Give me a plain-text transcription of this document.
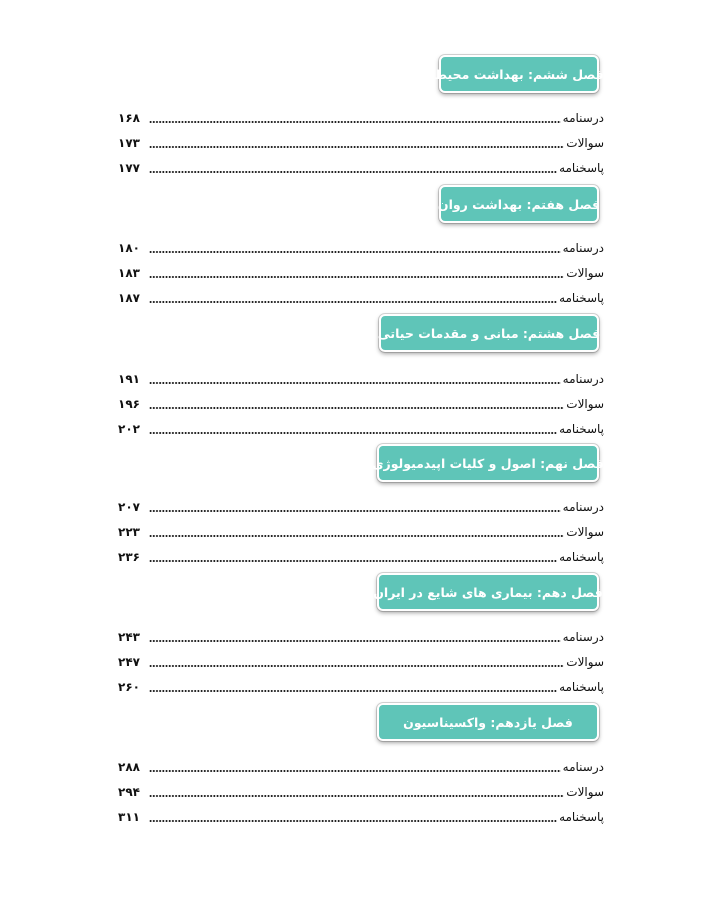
فصل ششم: بهداشت محیط
درسنامه
۱۶۸
سوالات
۱۷۳
پاسخنامه
۱۷۷
فصل هفتم: بهداشت روان
درسنامه
۱۸۰
سوالات
۱۸۳
پاسخنامه
۱۸۷
فصل هشتم: مبانی و مقدمات حیاتی
درسنامه
۱۹۱
سوالات
۱۹۶
پاسخنامه
۲۰۲
فصل نهم: اصول و کلیات اپیدمیولوژی
درسنامه
۲۰۷
سوالات
۲۲۳
پاسخنامه
۲۳۶
فصل دهم: بیماری های شایع در ایران
درسنامه
۲۴۳
سوالات
۲۴۷
پاسخنامه
۲۶۰
فصل یازدهم: واکسیناسیون
درسنامه
۲۸۸
سوالات
۲۹۴
پاسخنامه
۳۱۱
